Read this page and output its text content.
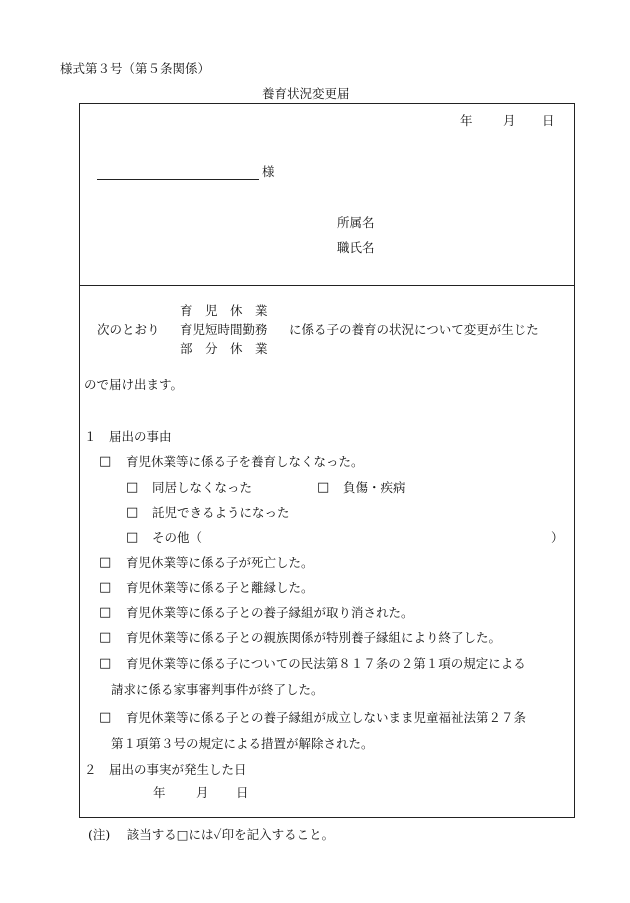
様式第３号（第５条関係）
養育状況変更届
年 月 日
様
所属名
職氏名
育　児　休　業
次のとおり 育児短時間勤務 に係る子の養育の状況について変更が生じた
部　分　休　業
ので届け出ます。
１　届出の事由
□ 育児休業等に係る子を養育しなくなった。
□ 同居しなくなった	□ 負傷・疾病
□ 託児できるようになった
□ その他（	）
□ 育児休業等に係る子が死亡した。
□ 育児休業等に係る子と離縁した。
□ 育児休業等に係る子との養子縁組が取り消された。
□ 育児休業等に係る子との親族関係が特別養子縁組により終了した。
□ 育児休業等に係る子についての民法第８１７条の２第１項の規定による
請求に係る家事審判事件が終了した。
□ 育児休業等に係る子との養子縁組が成立しないまま児童福祉法第２７条
第１項第３号の規定による措置が解除された。
２　届出の事実が発生した日
年 月 日
(注)　 該当する□には✓印を記入すること。
